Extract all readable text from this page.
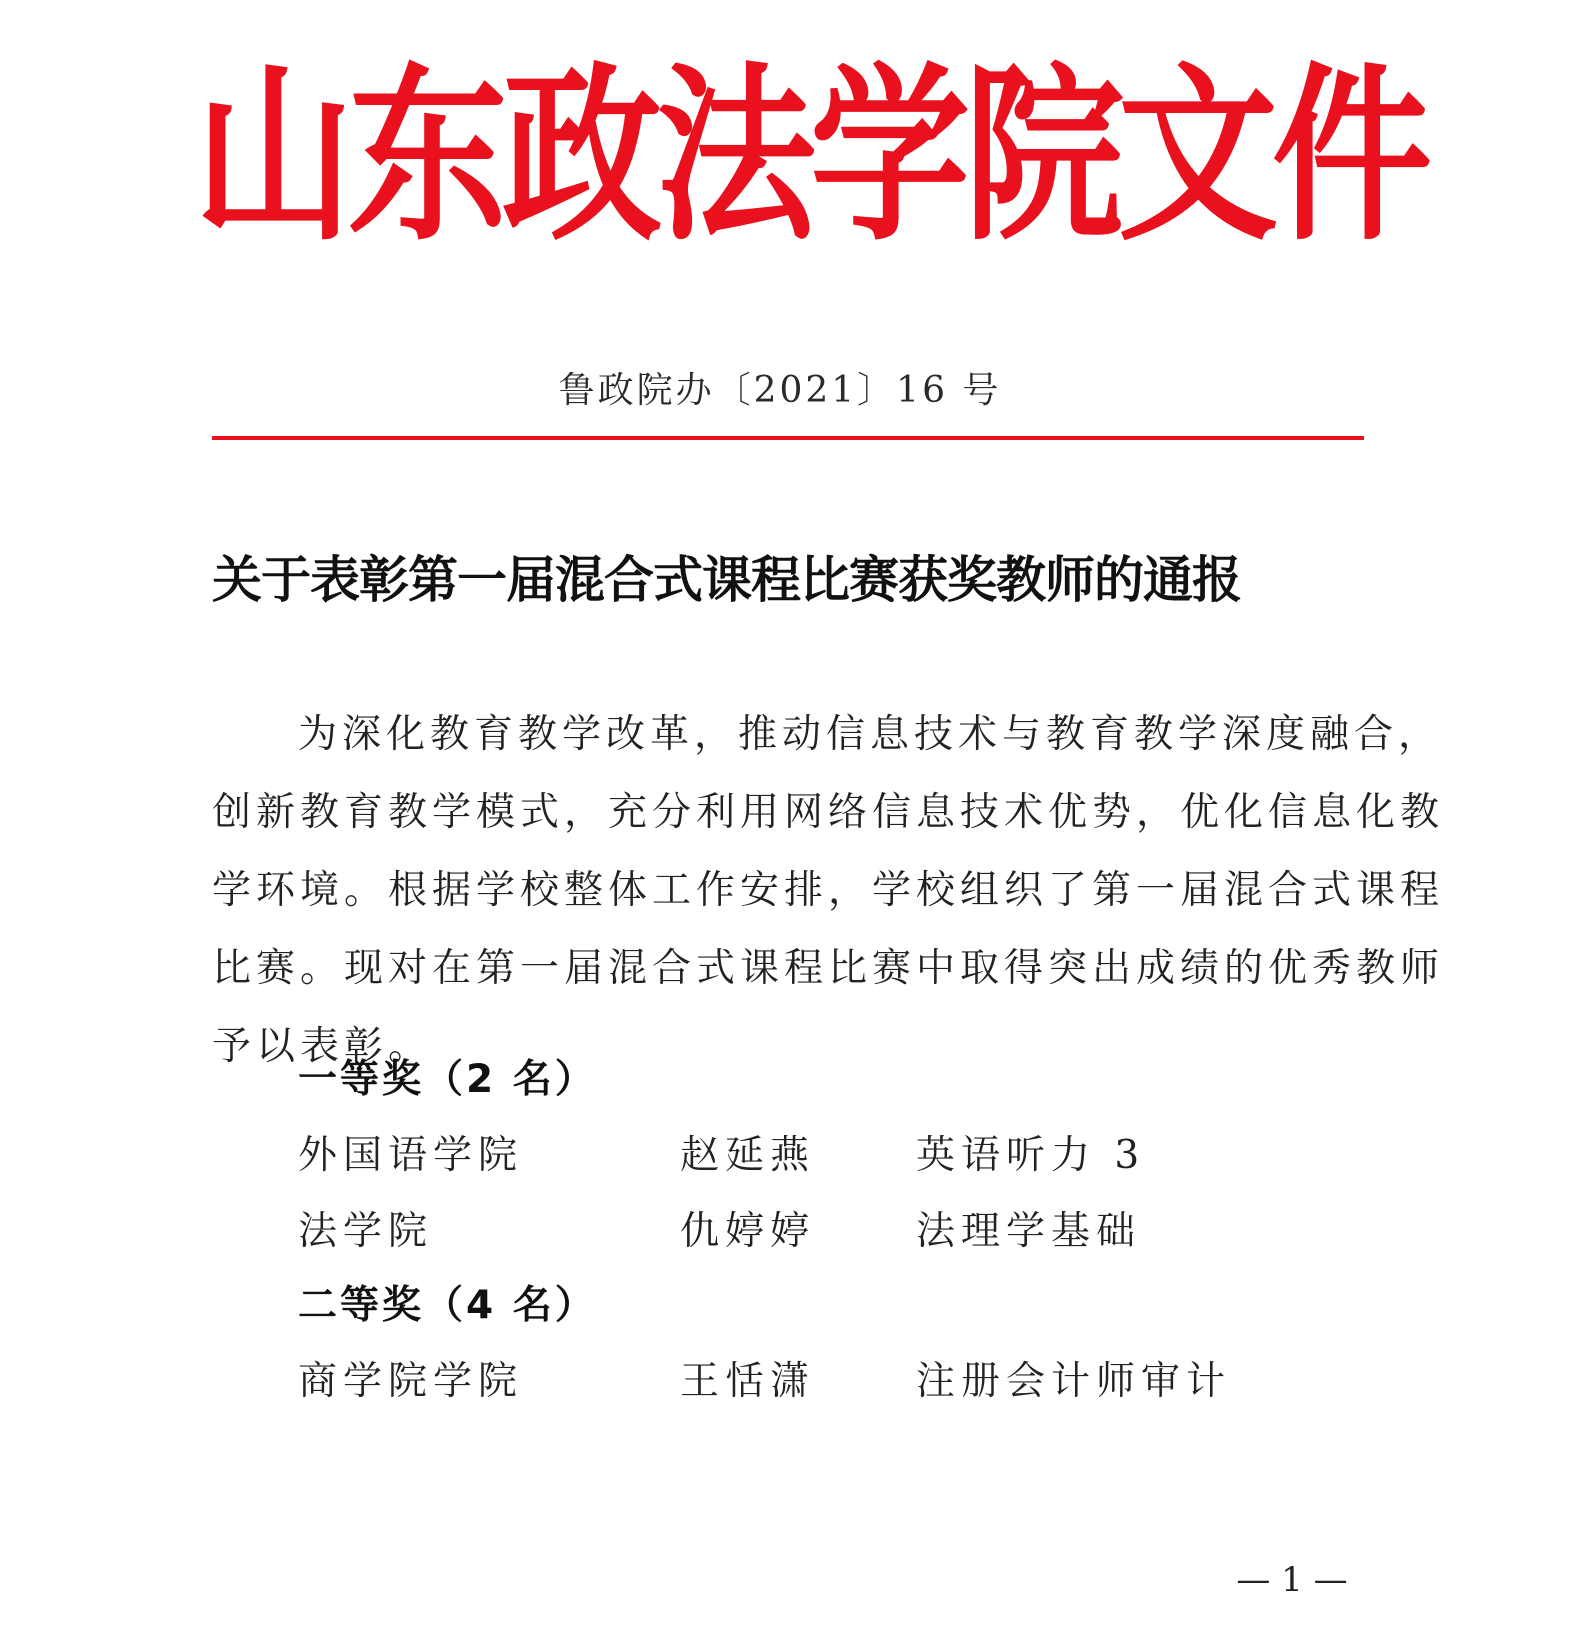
山东政法学院文件
鲁政院办〔2021〕16 号
关于表彰第一届混合式课程比赛获奖教师的通报
为深化教育教学改革，推动信息技术与教育教学深度融合，
创新教育教学模式，充分利用网络信息技术优势，优化信息化教
学环境。根据学校整体工作安排，学校组织了第一届混合式课程
比赛。现对在第一届混合式课程比赛中取得突出成绩的优秀教师
予以表彰。
一等奖（2 名）
外国语学院	赵延燕	英语听力 3
法学院	仇婷婷	法理学基础
二等奖（4 名）
商学院学院	王恬潇	注册会计师审计
— 1 —
